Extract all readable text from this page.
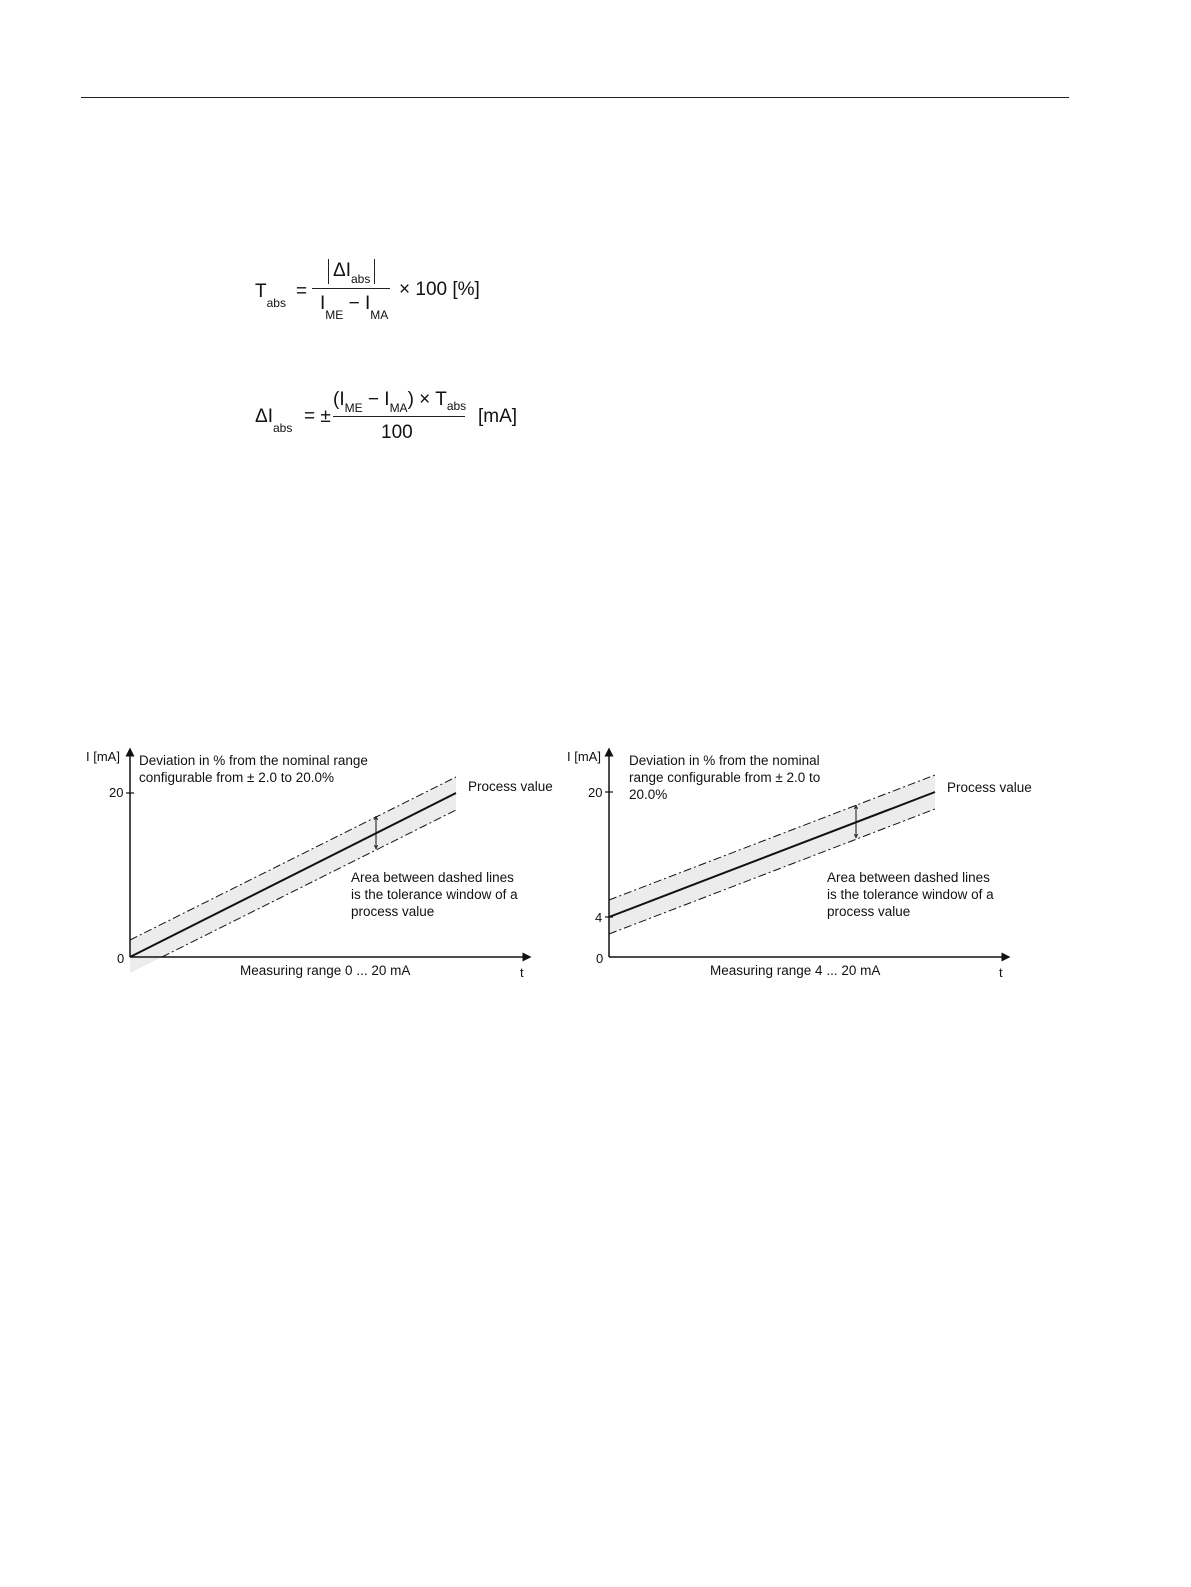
$T_{abs}$
=
$\Delta I_{abs}$
$I_{ME} - I_{MA}$
× 100 [%]
$\Delta I_{abs}$
= ±
$(I_{ME} - I_{MA}) \times T_{abs}$
100
[mA]
I [mA]
20
0
t
Deviation in % from the nominal range
configurable from ± 2.0 to 20.0%
Process value
Area between dashed lines
is the tolerance window of a
process value
Measuring range 0 ... 20 mA
I [mA]
20
4
0
t
Deviation in % from the nominal
range configurable from ± 2.0 to
20.0%	Process value
Area between dashed lines
is the tolerance window of a
process value
Measuring range 4 ... 20 mA
